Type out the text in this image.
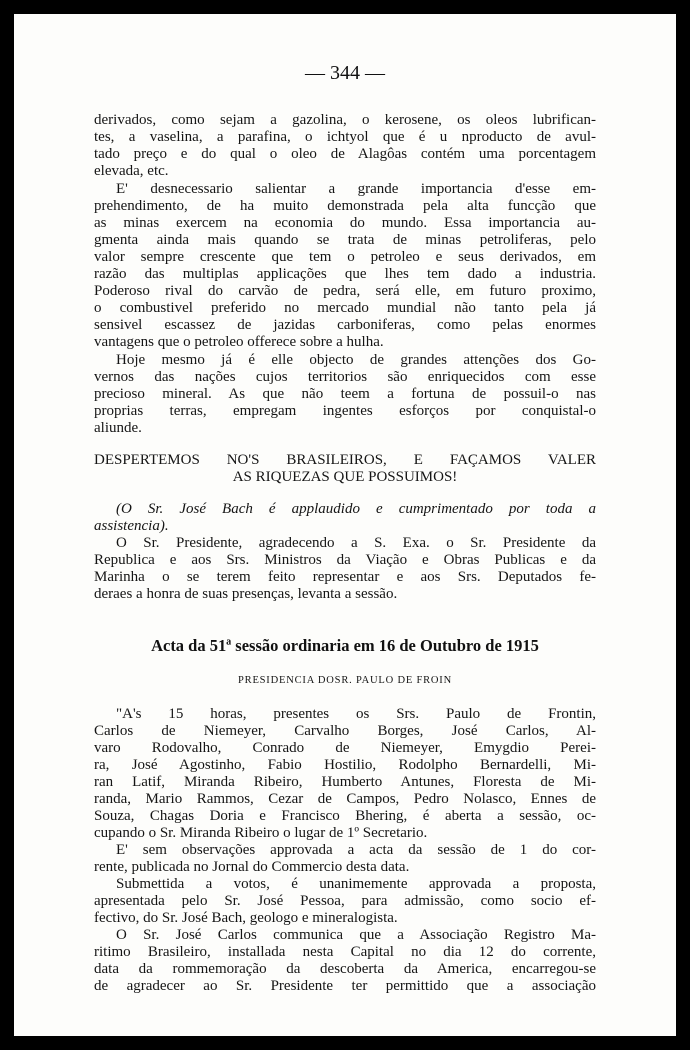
— 344 —
derivados, como sejam a gazolina, o kerosene, os oleos lubrifican-
tes, a vaselina, a parafina, o ichtyol que é u nproducto de avul-
tado preço e do qual o oleo de Alagôas contém uma porcentagem
elevada, etc.
E' desnecessario salientar a grande importancia d'esse em-
prehendimento, de ha muito demonstrada pela alta funcção que
as minas exercem na economia do mundo. Essa importancia au-
gmenta ainda mais quando se trata de minas petroliferas, pelo
valor sempre crescente que tem o petroleo e seus derivados, em
razão das multiplas applicações que lhes tem dado a industria.
Poderoso rival do carvão de pedra, será elle, em futuro proximo,
o combustivel preferido no mercado mundial não tanto pela já
sensivel escassez de jazidas carboniferas, como pelas enormes
vantagens que o petroleo offerece sobre a hulha.
Hoje mesmo já é elle objecto de grandes attenções dos Go-
vernos das nações cujos territorios são enriquecidos com esse
precioso mineral. As que não teem a fortuna de possuil-o nas
proprias terras, empregam ingentes esforços por conquistal-o
aliunde.
DESPERTEMOS NO'S BRASILEIROS, E FAÇAMOS VALER
AS RIQUEZAS QUE POSSUIMOS!
(O Sr. José Bach é applaudido e cumprimentado por toda a
assistencia).
O Sr. Presidente, agradecendo a S. Exa. o Sr. Presidente da
Republica e aos Srs. Ministros da Viação e Obras Publicas e da
Marinha o se terem feito representar e aos Srs. Deputados fe-
deraes a honra de suas presenças, levanta a sessão.
Acta da 51ª sessão ordinaria em 16 de Outubro de 1915
PRESIDENCIA DOSR. PAULO DE FROIN
"A's 15 horas, presentes os Srs. Paulo de Frontin,
Carlos de Niemeyer, Carvalho Borges, José Carlos, Al-
varo Rodovalho, Conrado de Niemeyer, Emygdio Perei-
ra, José Agostinho, Fabio Hostilio, Rodolpho Bernardelli, Mi-
ran Latif, Miranda Ribeiro, Humberto Antunes, Floresta de Mi-
randa, Mario Rammos, Cezar de Campos, Pedro Nolasco, Ennes de
Souza, Chagas Doria e Francisco Bhering, é aberta a sessão, oc-
cupando o Sr. Miranda Ribeiro o lugar de 1º Secretario.
E' sem observações approvada a acta da sessão de 1 do cor-
rente, publicada no Jornal do Commercio desta data.
Submettida a votos, é unanimemente approvada a proposta,
apresentada pelo Sr. José Pessoa, para admissão, como socio ef-
fectivo, do Sr. José Bach, geologo e mineralogista.
O Sr. José Carlos communica que a Associação Registro Ma-
ritimo Brasileiro, installada nesta Capital no dia 12 do corrente,
data da rommemoração da descoberta da America, encarregou-se
de agradecer ao Sr. Presidente ter permittido que a associação
